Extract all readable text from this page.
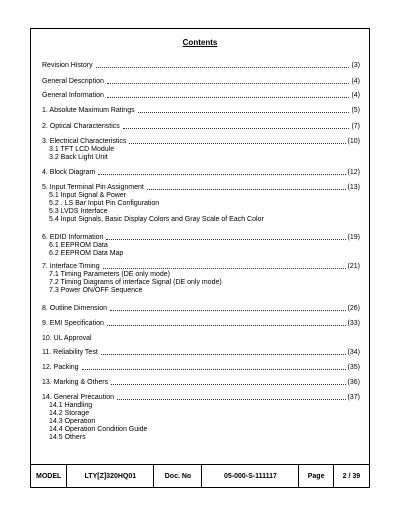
Contents
Revision History	(3)
General Description	(4)
General Information	(4)
1. Absolute Maximum Ratings	(5)
2. Optical Characteristics	(7)
3. Electrical Characteristics	(10)
3.1 TFT LCD Module
3.2 Back Light Unit
4. Block Diagram	(12)
5. Input Terminal Pin Assignment	(13)
5.1 Input Signal & Power
5.2 . LS Bar Input Pin Configuration
5.3 LVDS Interface
5.4 Input Signals, Basic Display Colors and Gray Scale of Each Color
6. EDID Information	(19)
6.1 EEPROM Data
6.2 EEPROM Data Map
7. Interface Timing	(21)
7.1 Timing Parameters (DE only mode)
7.2 Timing Diagrams of interface Signal (DE only mode)
7.3 Power ON/OFF Sequence
8. Outline Dimension	(26)
9. EMI Specification	(33)
10. UL Approval
11. Reliability Test	(34)
12. Packing	(35)
13. Marking & Others	(36)
14. General Precaution	(37)
14.1 Handling
14.2 Storage
14.3 Operation
14.4 Operation Condition Guide
14.5 Others
MODEL	LTY[Z]320HQ01	Doc. No	05-000-S-111117	Page	2 / 39
